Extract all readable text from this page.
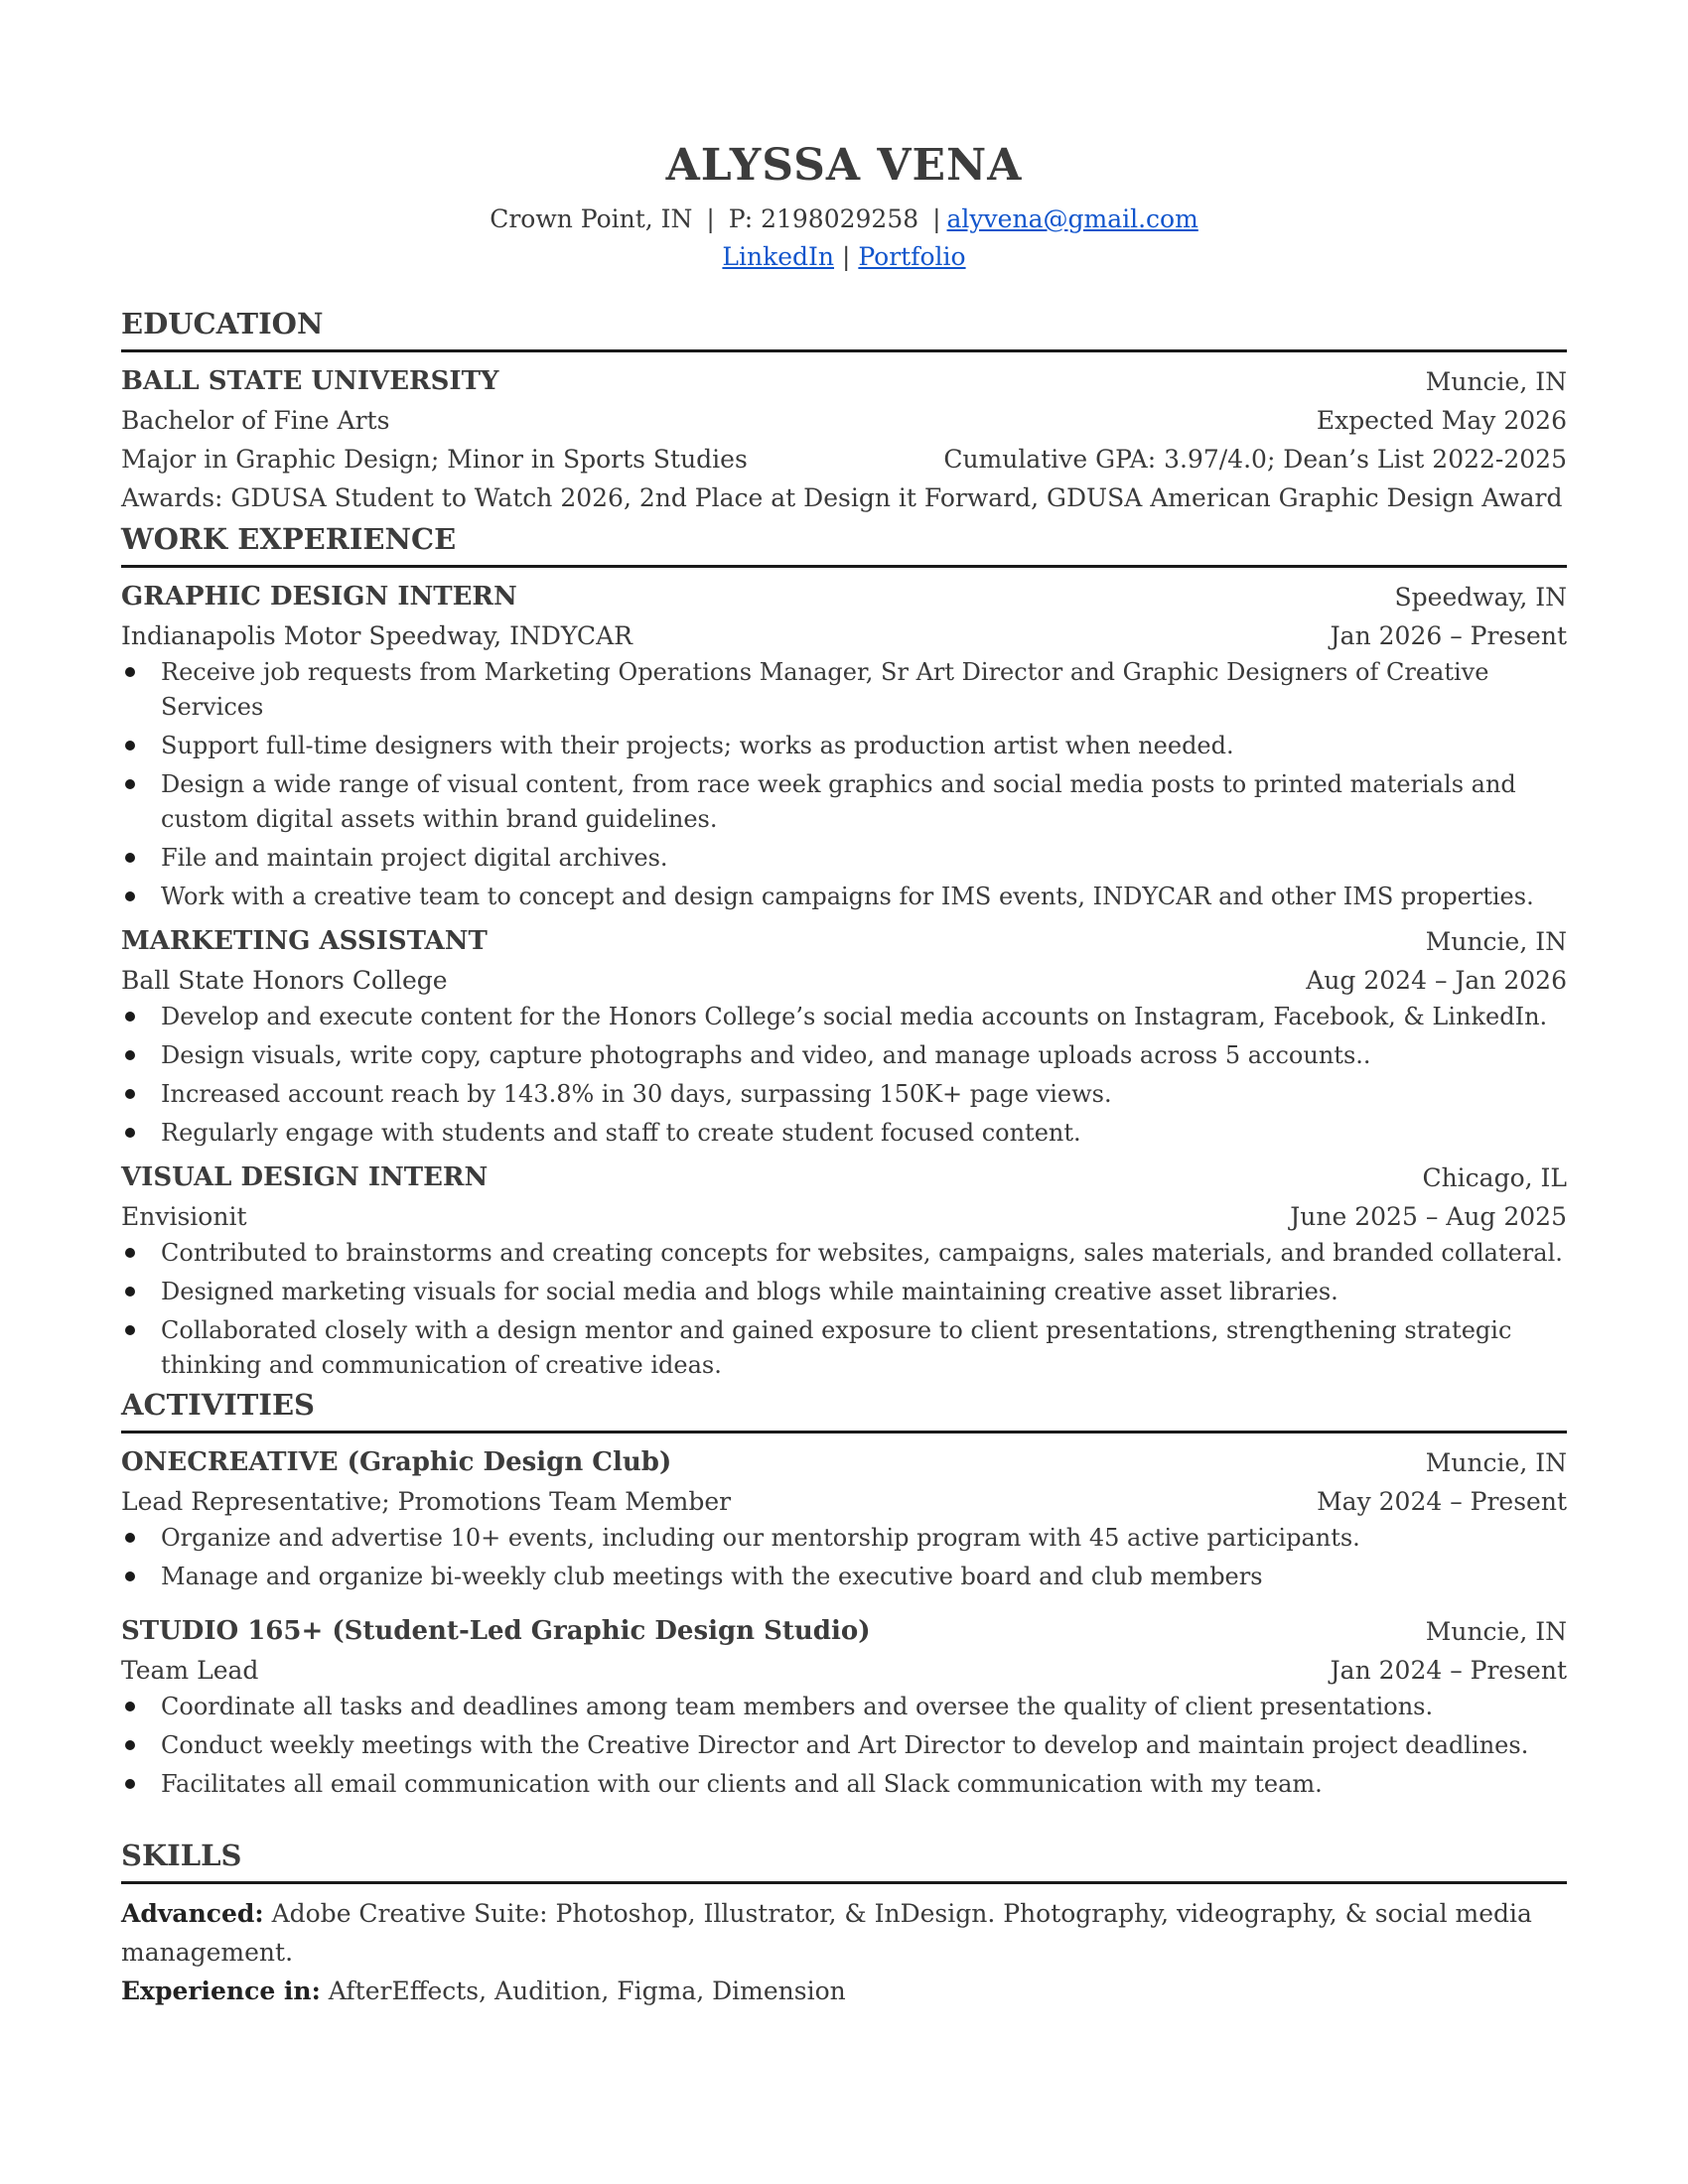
ALYSSA VENA
Crown Point, IN | P: 2198029258 | alyvena@gmail.com
LinkedIn | Portfolio
EDUCATION
BALL STATE UNIVERSITY	Muncie, IN
Bachelor of Fine Arts	Expected May 2026
Major in Graphic Design; Minor in Sports Studies	Cumulative GPA: 3.97/4.0; Dean’s List 2022-2025
Awards: GDUSA Student to Watch 2026, 2nd Place at Design it Forward, GDUSA American Graphic Design Award
WORK EXPERIENCE
GRAPHIC DESIGN INTERN	Speedway, IN
Indianapolis Motor Speedway, INDYCAR	Jan 2026 – Present
Receive job requests from Marketing Operations Manager, Sr Art Director and Graphic Designers of Creative Services
Support full-time designers with their projects; works as production artist when needed.
Design a wide range of visual content, from race week graphics and social media posts to printed materials and custom digital assets within brand guidelines.
File and maintain project digital archives.
Work with a creative team to concept and design campaigns for IMS events, INDYCAR and other IMS properties.
MARKETING ASSISTANT	Muncie, IN
Ball State Honors College	Aug 2024 – Jan 2026
Develop and execute content for the Honors College’s social media accounts on Instagram, Facebook, & LinkedIn.
Design visuals, write copy, capture photographs and video, and manage uploads across 5 accounts..
Increased account reach by 143.8% in 30 days, surpassing 150K+ page views.
Regularly engage with students and staff to create student focused content.
VISUAL DESIGN INTERN	Chicago, IL
Envisionit	June 2025 – Aug 2025
Contributed to brainstorms and creating concepts for websites, campaigns, sales materials, and branded collateral.
Designed marketing visuals for social media and blogs while maintaining creative asset libraries.
Collaborated closely with a design mentor and gained exposure to client presentations, strengthening strategic thinking and communication of creative ideas.
ACTIVITIES
ONECREATIVE (Graphic Design Club)	Muncie, IN
Lead Representative; Promotions Team Member	May 2024 – Present
Organize and advertise 10+ events, including our mentorship program with 45 active participants.
Manage and organize bi-weekly club meetings with the executive board and club members
STUDIO 165+ (Student-Led Graphic Design Studio)	Muncie, IN
Team Lead	Jan 2024 – Present
Coordinate all tasks and deadlines among team members and oversee the quality of client presentations.
Conduct weekly meetings with the Creative Director and Art Director to develop and maintain project deadlines.
Facilitates all email communication with our clients and all Slack communication with my team.
SKILLS
Advanced: Adobe Creative Suite: Photoshop, Illustrator, & InDesign. Photography, videography, & social media management.
Experience in: AfterEffects, Audition, Figma, Dimension
